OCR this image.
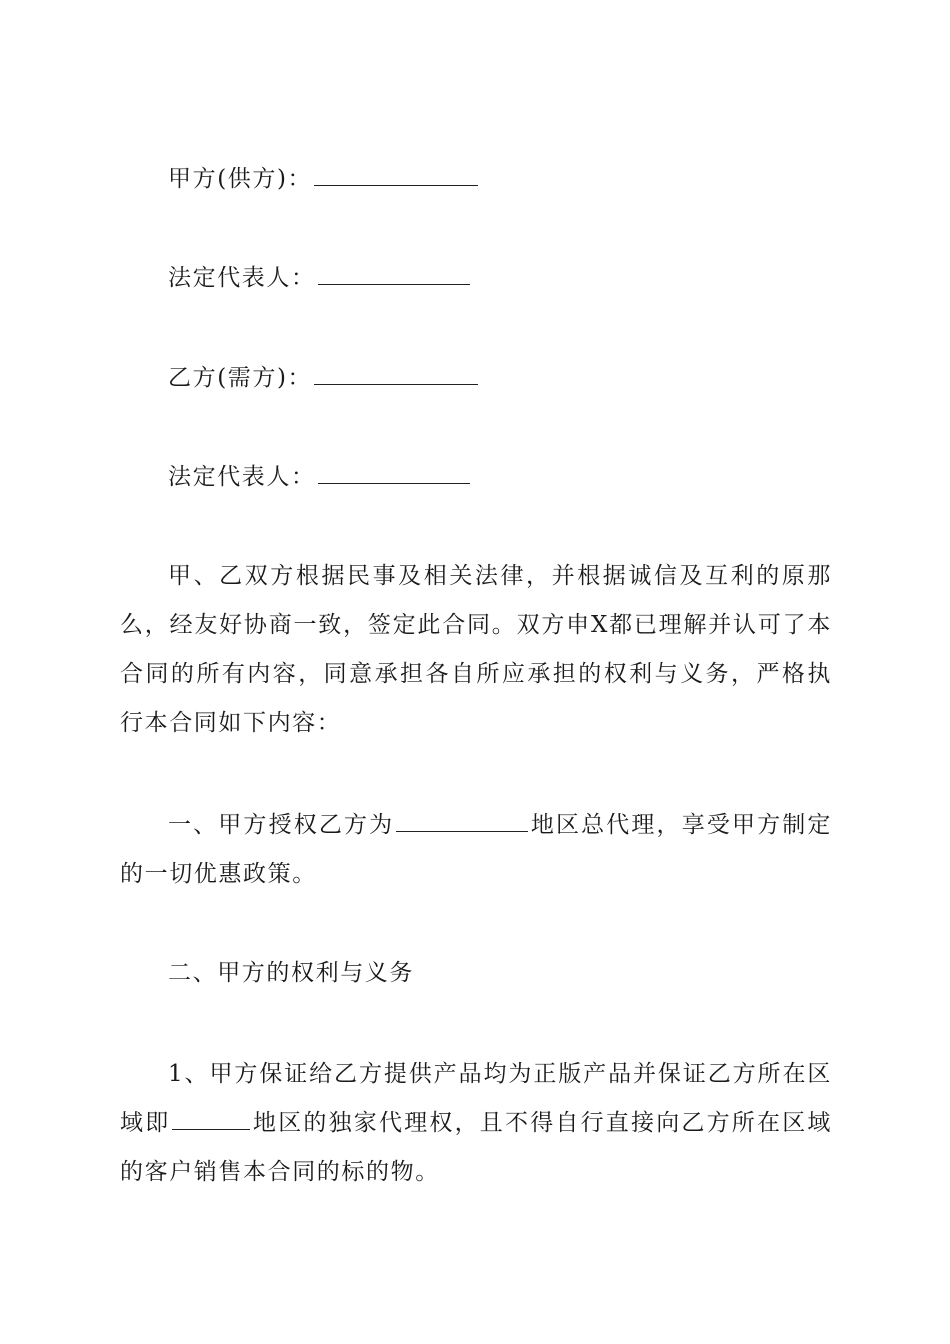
甲方(供方)：
法定代表人：
乙方(需方)：
法定代表人：
甲、乙双方根据民事及相关法律，并根据诚信及互利的原那么，经友好协商一致，签定此合同。双方申X都已理解并认可了本合同的所有内容，同意承担各自所应承担的权利与义务，严格执行本合同如下内容：
一、甲方授权乙方为	地区总代理，享受甲方制定的一切优惠政策。
二、甲方的权利与义务
1、甲方保证给乙方提供产品均为正版产品并保证乙方所在区域即	地区的独家代理权，且不得自行直接向乙方所在区域的客户销售本合同的标的物。
